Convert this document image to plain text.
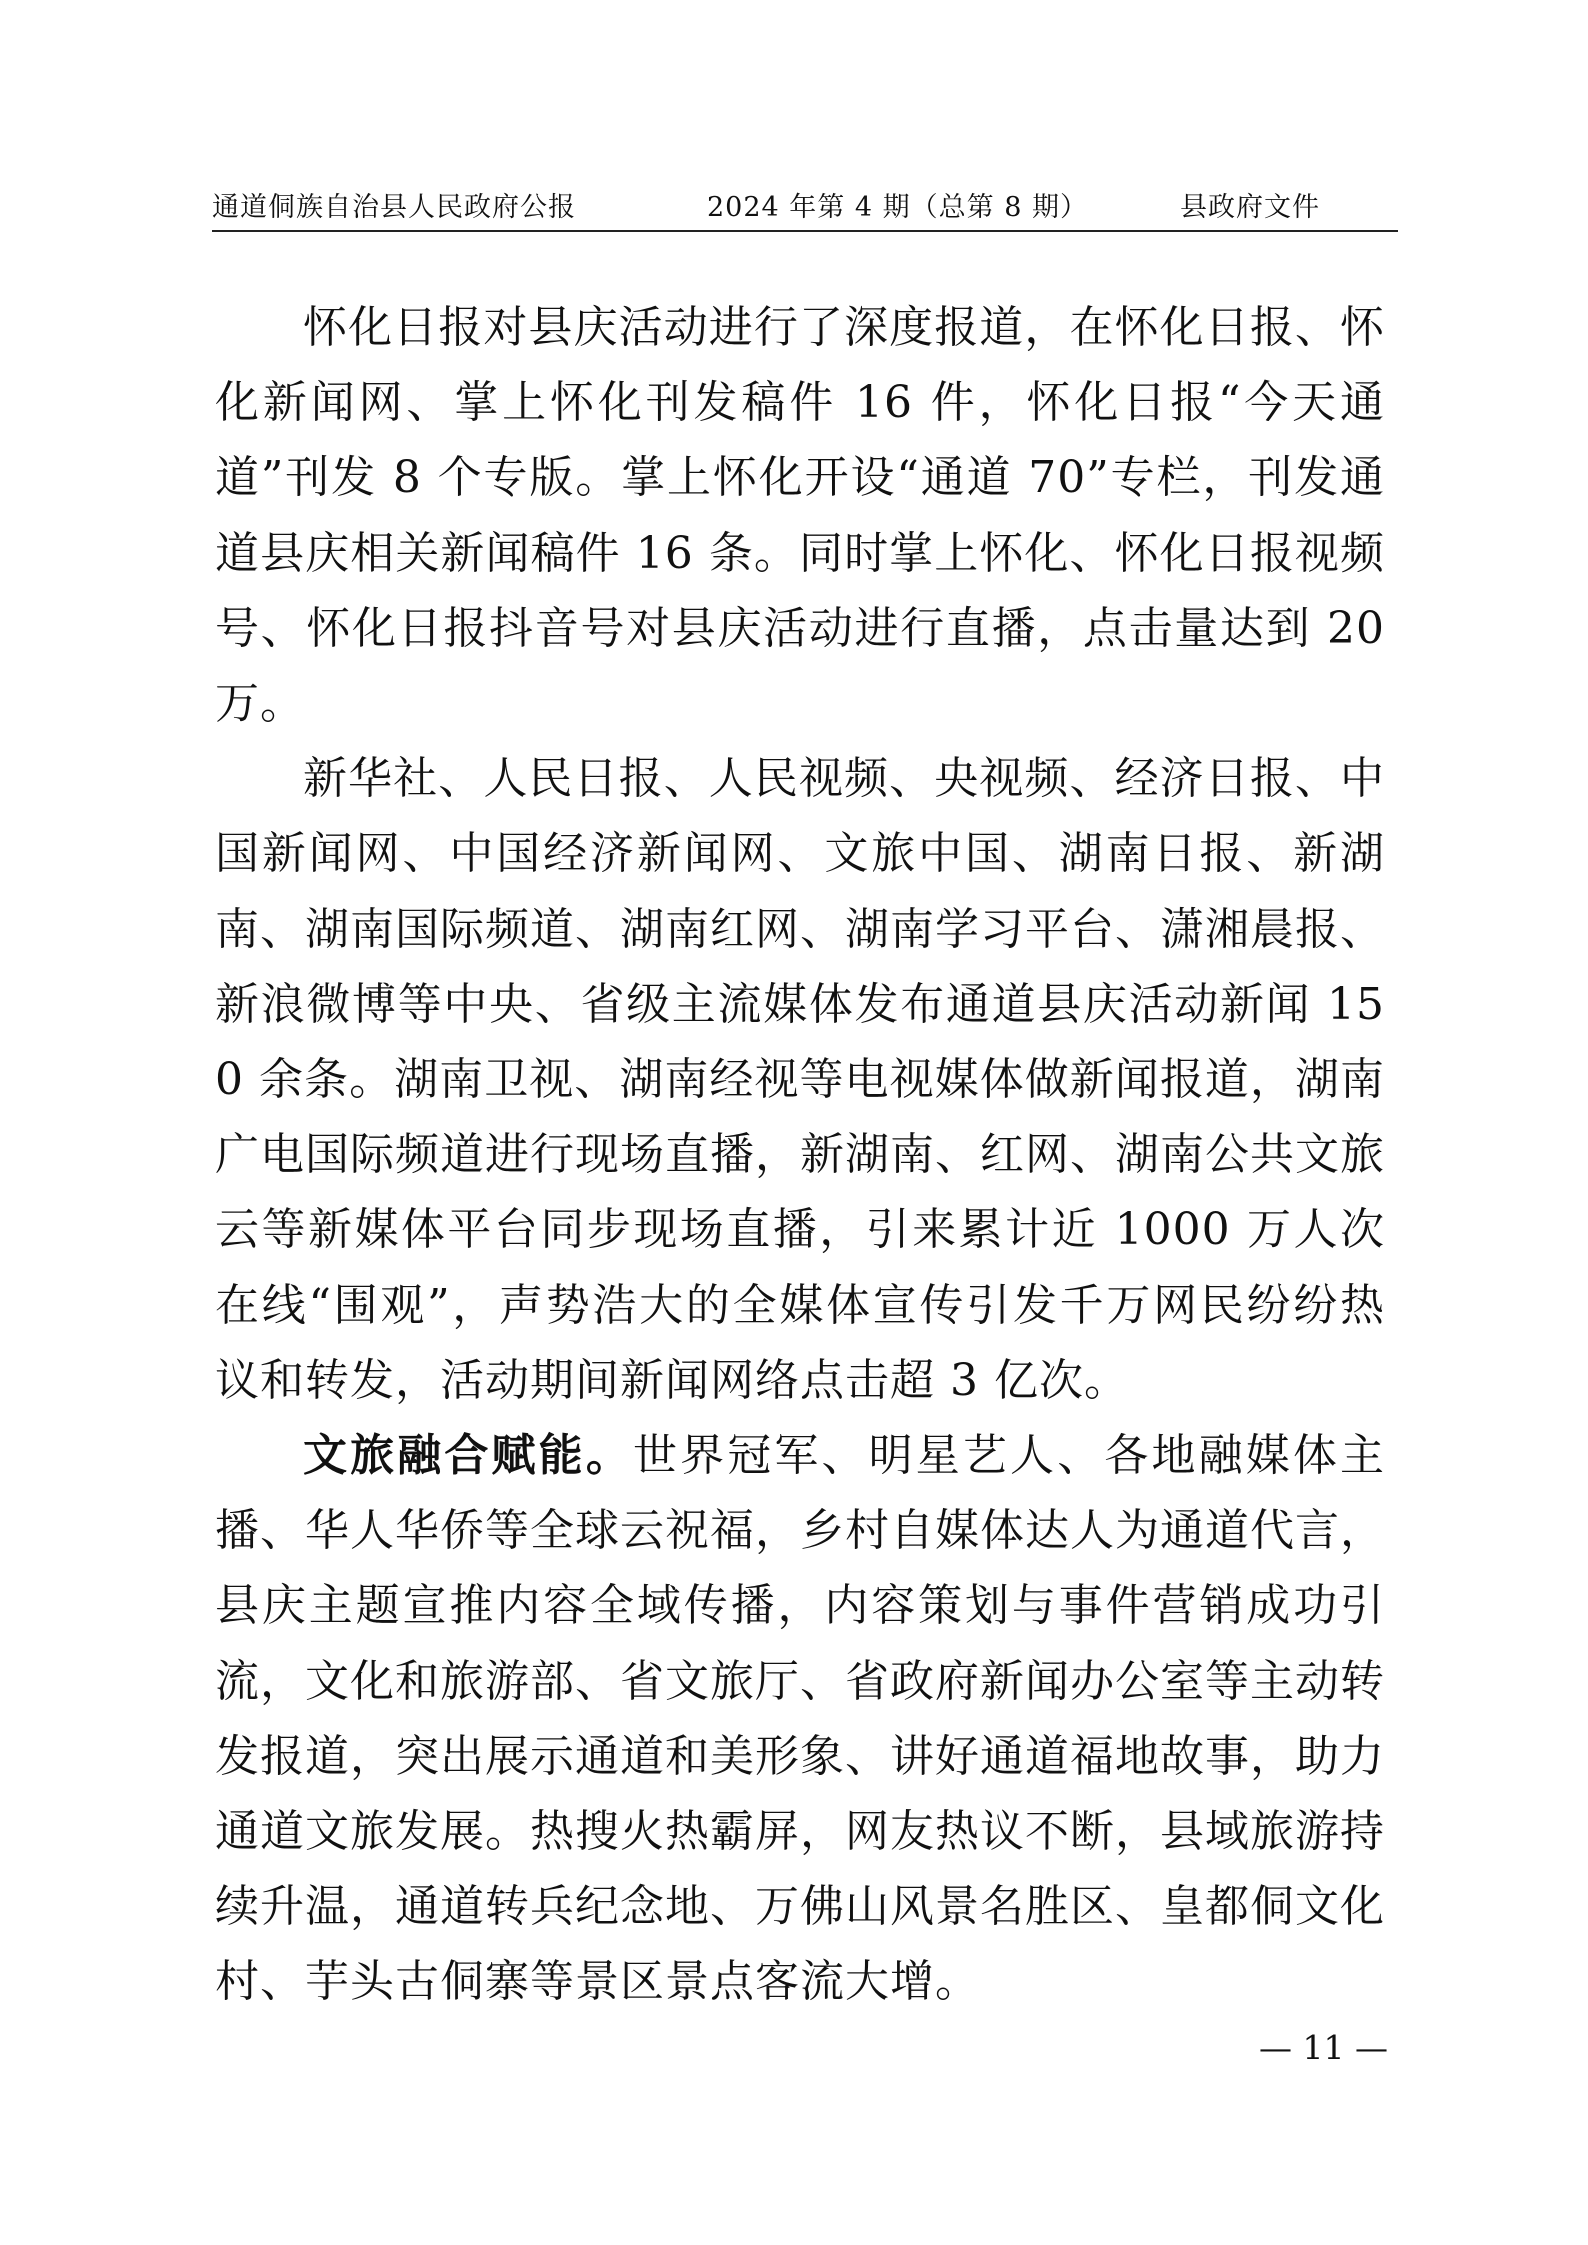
通道侗族自治县人民政府公报	2024 年第 4 期（总第 8 期）	县政府文件

怀化日报对县庆活动进行了深度报道，在怀化日报、怀化新闻网、掌上怀化刊发稿件 16 件，怀化日报“今天通道”刊发 8 个专版。掌上怀化开设“通道 70”专栏，刊发通道县庆相关新闻稿件 16 条。同时掌上怀化、怀化日报视频号、怀化日报抖音号对县庆活动进行直播，点击量达到 20 万。

新华社、人民日报、人民视频、央视频、经济日报、中国新闻网、中国经济新闻网、文旅中国、湖南日报、新湖南、湖南国际频道、湖南红网、湖南学习平台、潇湘晨报、新浪微博等中央、省级主流媒体发布通道县庆活动新闻 150 余条。湖南卫视、湖南经视等电视媒体做新闻报道，湖南广电国际频道进行现场直播，新湖南、红网、湖南公共文旅云等新媒体平台同步现场直播，引来累计近 1000 万人次在线“围观”，声势浩大的全媒体宣传引发千万网民纷纷热议和转发，活动期间新闻网络点击超 3 亿次。

文旅融合赋能。世界冠军、明星艺人、各地融媒体主播、华人华侨等全球云祝福，乡村自媒体达人为通道代言，县庆主题宣推内容全域传播，内容策划与事件营销成功引流，文化和旅游部、省文旅厅、省政府新闻办公室等主动转发报道，突出展示通道和美形象、讲好通道福地故事，助力通道文旅发展。热搜火热霸屏，网友热议不断，县域旅游持续升温，通道转兵纪念地、万佛山风景名胜区、皇都侗文化村、芋头古侗寨等景区景点客流大增。

— 11 —
